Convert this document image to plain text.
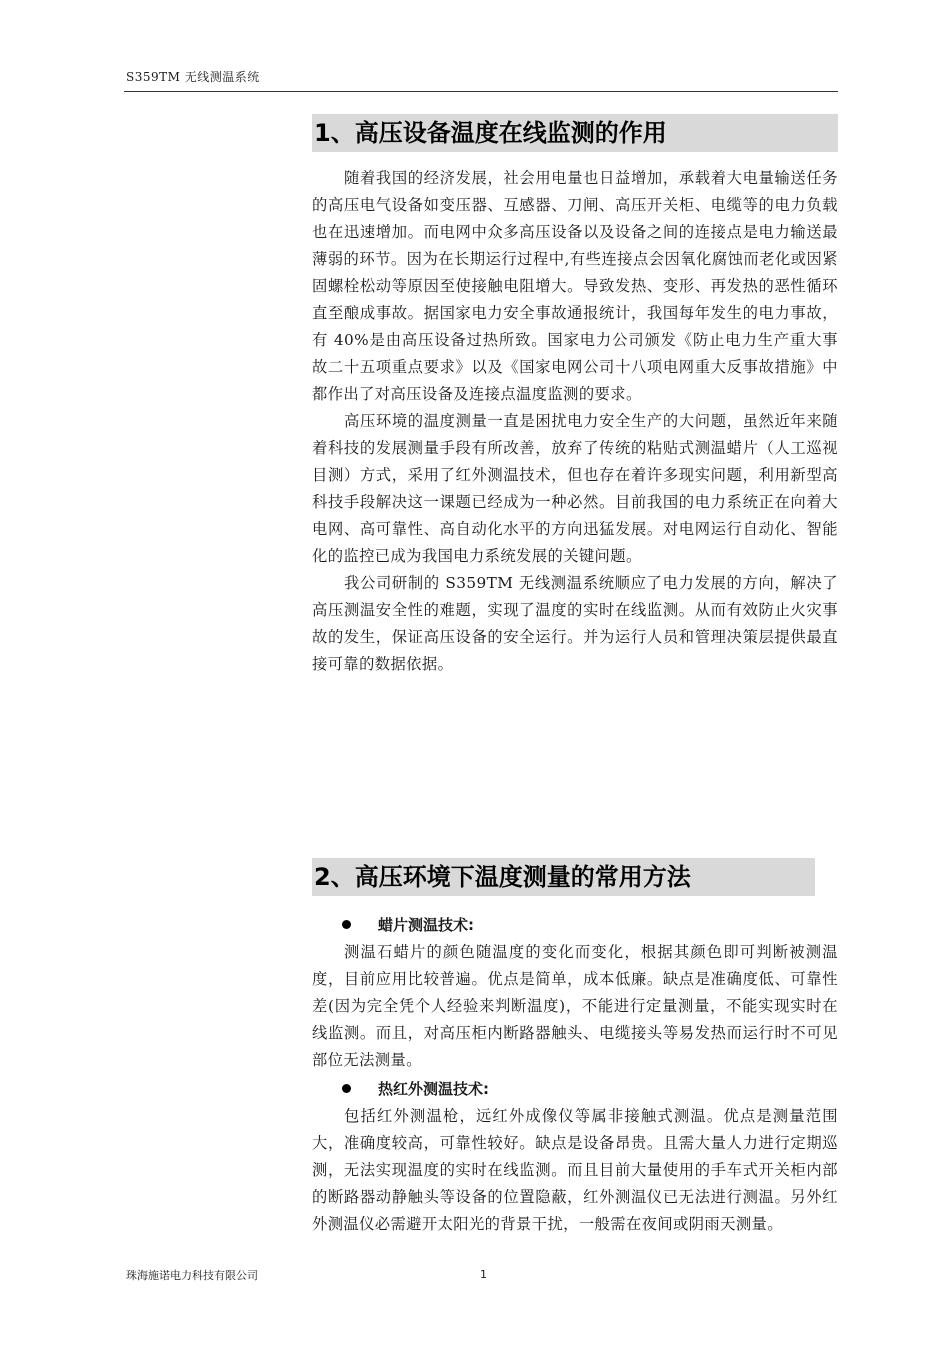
S359TM 无线测温系统
1、高压设备温度在线监测的作用

随着我国的经济发展，社会用电量也日益增加，承载着大电量输送任务的高压电气设备如变压器、互感器、刀闸、高压开关柜、电缆等的电力负载也在迅速增加。而电网中众多高压设备以及设备之间的连接点是电力输送最薄弱的环节。因为在长期运行过程中,有些连接点会因氧化腐蚀而老化或因紧固螺栓松动等原因至使接触电阻增大。导致发热、变形、再发热的恶性循环直至酿成事故。据国家电力安全事故通报统计，我国每年发生的电力事故，有 40%是由高压设备过热所致。国家电力公司颁发《防止电力生产重大事故二十五项重点要求》以及《国家电网公司十八项电网重大反事故措施》中都作出了对高压设备及连接点温度监测的要求。

高压环境的温度测量一直是困扰电力安全生产的大问题，虽然近年来随着科技的发展测量手段有所改善，放弃了传统的粘贴式测温蜡片（人工巡视目测）方式，采用了红外测温技术，但也存在着许多现实问题，利用新型高科技手段解决这一课题已经成为一种必然。目前我国的电力系统正在向着大电网、高可靠性、高自动化水平的方向迅猛发展。对电网运行自动化、智能化的监控已成为我国电力系统发展的关键问题。

我公司研制的 S359TM 无线测温系统顺应了电力发展的方向，解决了高压测温安全性的难题，实现了温度的实时在线监测。从而有效防止火灾事故的发生，保证高压设备的安全运行。并为运行人员和管理决策层提供最直接可靠的数据依据。

2、高压环境下温度测量的常用方法
蜡片测温技术:

测温石蜡片的颜色随温度的变化而变化，根据其颜色即可判断被测温度，目前应用比较普遍。优点是简单，成本低廉。缺点是准确度低、可靠性差(因为完全凭个人经验来判断温度)，不能进行定量测量，不能实现实时在线监测。而且，对高压柜内断路器触头、电缆接头等易发热而运行时不可见部位无法测量。

热红外测温技术:

包括红外测温枪，远红外成像仪等属非接触式测温。优点是测量范围大，准确度较高，可靠性较好。缺点是设备昂贵。且需大量人力进行定期巡测，无法实现温度的实时在线监测。而且目前大量使用的手车式开关柜内部的断路器动静触头等设备的位置隐蔽，红外测温仪已无法进行测温。另外红外测温仪必需避开太阳光的背景干扰，一般需在夜间或阴雨天测量。

珠海施诺电力科技有限公司	1
